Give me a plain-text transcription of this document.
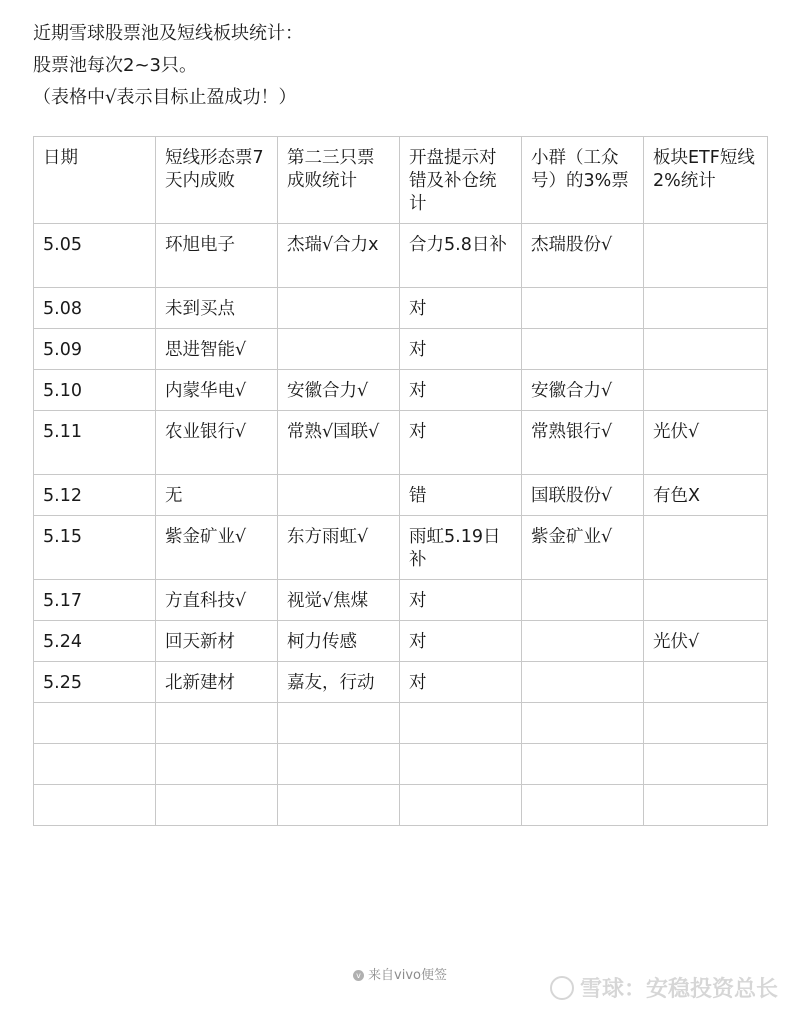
近期雪球股票池及短线板块统计：
股票池每次2~3只。
（表格中√表示目标止盈成功！）
日期	短线形态票7天内成败	第二三只票成败统计	开盘提示对错及补仓统计	小群（工众号）的3%票	板块ETF短线2%统计
5.05	环旭电子	杰瑞√合力x	合力5.8日补	杰瑞股份√	
5.08	未到买点		对		
5.09	思进智能√		对		
5.10	内蒙华电√	安徽合力√	对	安徽合力√	
5.11	农业银行√	常熟√国联√	对	常熟银行√	光伏√
5.12	无		错	国联股份√	有色X
5.15	紫金矿业√	东方雨虹√	雨虹5.19日补	紫金矿业√	
5.17	方直科技√	视觉√焦煤	对		
5.24	回天新材	柯力传感	对		光伏√
5.25	北新建材	嘉友，行动	对		

v 来自vivo便签
雪球：安稳投资总长
